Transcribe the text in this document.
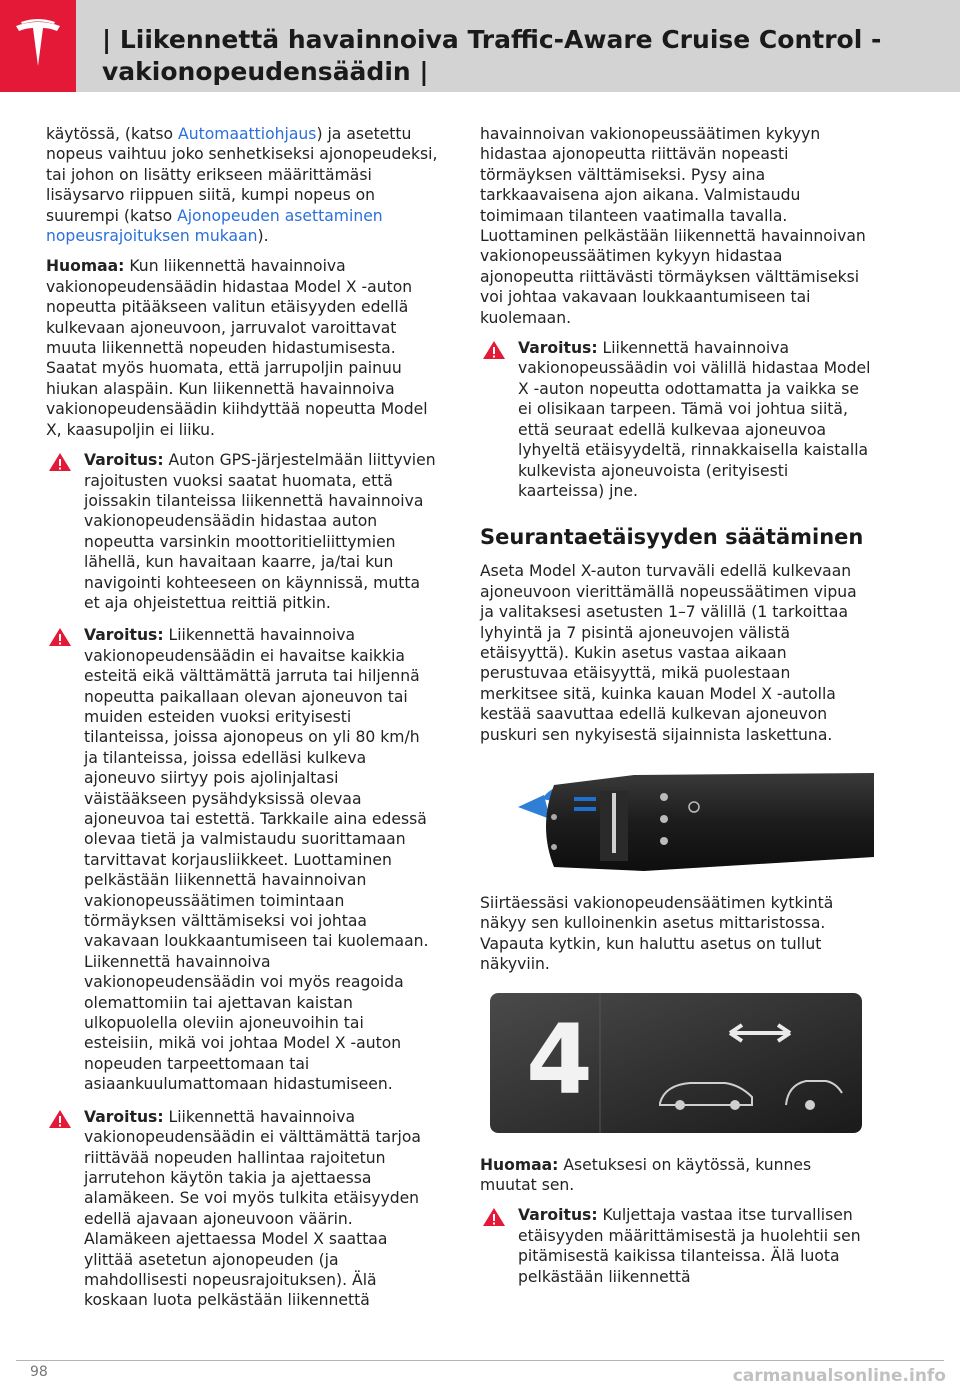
| Liikennettä havainnoiva Traffic-Aware Cruise Control - vakionopeudensäädin |

käytössä, (katso Automaattiohjaus) ja asetettu nopeus vaihtuu joko senhetkiseksi ajonopeudeksi, tai johon on lisätty erikseen määrittämäsi lisäysarvo riippuen siitä, kumpi nopeus on suurempi (katso Ajonopeuden asettaminen nopeusrajoituksen mukaan).

Huomaa: Kun liikennettä havainnoiva vakionopeudensäädin hidastaa Model X -auton nopeutta pitääkseen valitun etäisyyden edellä kulkevaan ajoneuvoon, jarruvalot varoittavat muuta liikennettä nopeuden hidastumisesta. Saatat myös huomata, että jarrupoljin painuu hiukan alaspäin. Kun liikennettä havainnoiva vakionopeudensäädin kiihdyttää nopeutta Model X, kaasupoljin ei liiku.

Varoitus: Auton GPS-järjestelmään liittyvien rajoitusten vuoksi saatat huomata, että joissakin tilanteissa liikennettä havainnoiva vakionopeudensäädin hidastaa auton nopeutta varsinkin moottoritieliittymien lähellä, kun havaitaan kaarre, ja/tai kun navigointi kohteeseen on käynnissä, mutta et aja ohjeistettua reittiä pitkin.
Varoitus: Liikennettä havainnoiva vakionopeudensäädin ei havaitse kaikkia esteitä eikä välttämättä jarruta tai hiljennä nopeutta paikallaan olevan ajoneuvon tai muiden esteiden vuoksi erityisesti tilanteissa, joissa ajonopeus on yli 80 km/h ja tilanteissa, joissa edelläsi kulkeva ajoneuvo siirtyy pois ajolinjaltasi väistääkseen pysähdyksissä olevaa ajoneuvoa tai estettä. Tarkkaile aina edessä olevaa tietä ja valmistaudu suorittamaan tarvittavat korjausliikkeet. Luottaminen pelkästään liikennettä havainnoivan vakionopeussäätimen toimintaan törmäyksen välttämiseksi voi johtaa vakavaan loukkaantumiseen tai kuolemaan. Liikennettä havainnoiva vakionopeudensäädin voi myös reagoida olemattomiin tai ajettavan kaistan ulkopuolella oleviin ajoneuvoihin tai esteisiin, mikä voi johtaa Model X -auton nopeuden tarpeettomaan tai asiaankuulumattomaan hidastumiseen.
Varoitus: Liikennettä havainnoiva vakionopeudensäädin ei välttämättä tarjoa riittävää nopeuden hallintaa rajoitetun jarrutehon käytön takia ja ajettaessa alamäkeen. Se voi myös tulkita etäisyyden edellä ajavaan ajoneuvoon väärin. Alamäkeen ajettaessa Model X saattaa ylittää asetetun ajonopeuden (ja mahdollisesti nopeusrajoituksen). Älä koskaan luota pelkästään liikennettä

havainnoivan vakionopeussäätimen kykyyn hidastaa ajonopeutta riittävän nopeasti törmäyksen välttämiseksi. Pysy aina tarkkaavaisena ajon aikana. Valmistaudu toimimaan tilanteen vaatimalla tavalla. Luottaminen pelkästään liikennettä havainnoivan vakionopeussäätimen kykyyn hidastaa ajonopeutta riittävästi törmäyksen välttämiseksi voi johtaa vakavaan loukkaantumiseen tai kuolemaan.

Varoitus: Liikennettä havainnoiva vakionopeussäädin voi välillä hidastaa Model X -auton nopeutta odottamatta ja vaikka se ei olisikaan tarpeen. Tämä voi johtua siitä, että seuraat edellä kulkevaa ajoneuvoa lyhyeltä etäisyydeltä, rinnakkaisella kaistalla kulkevista ajoneuvoista (erityisesti kaarteissa) jne.
Seurantaetäisyyden säätäminen

Aseta Model X-auton turvaväli edellä kulkevaan ajoneuvoon vierittämällä nopeussäätimen vipua ja valitaksesi asetusten 1–7 välillä (1 tarkoittaa lyhyintä ja 7 pisintä ajoneuvojen välistä etäisyyttä). Kukin asetus vastaa aikaan perustuvaa etäisyyttä, mikä puolestaan merkitsee sitä, kuinka kauan Model X -autolla kestää saavuttaa edellä kulkevan ajoneuvon puskuri sen nykyisestä sijainnista laskettuna.

Siirtäessäsi vakionopeudensäätimen kytkintä näkyy sen kulloinenkin asetus mittaristossa. Vapauta kytkin, kun haluttu asetus on tullut näkyviin.

4

Huomaa: Asetuksesi on käytössä, kunnes muutat sen.

Varoitus: Kuljettaja vastaa itse turvallisen etäisyyden määrittämisestä ja huolehtii sen pitämisestä kaikissa tilanteissa. Älä luota pelkästään liikennettä
98	carmanualsonline.info
